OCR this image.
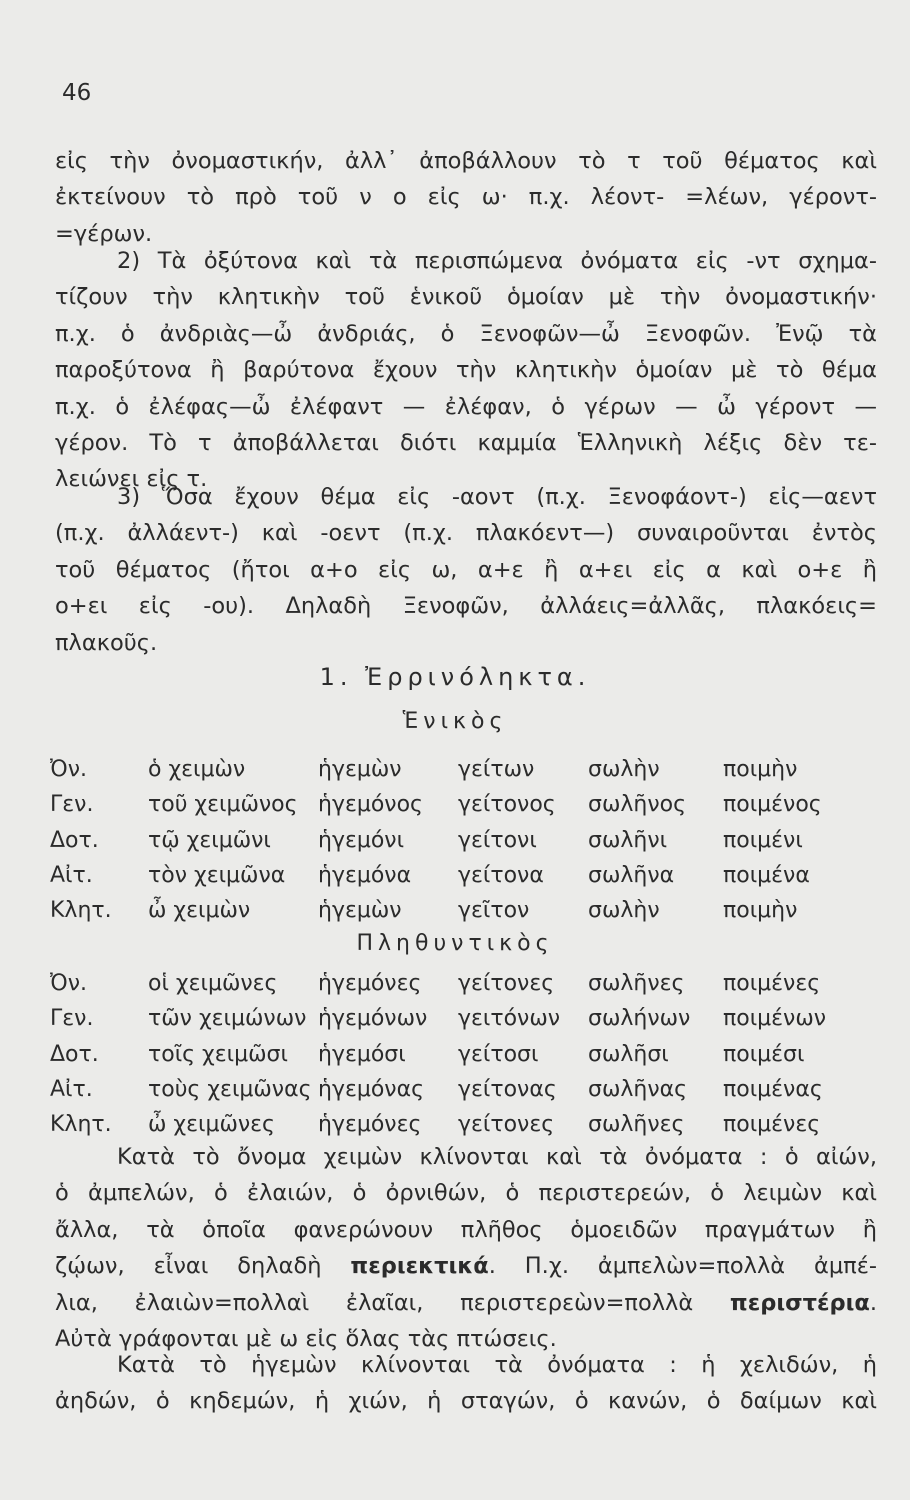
46

εἰς τὴν ὀνομαστικήν, ἀλλ᾽ ἀποβάλλουν τὸ τ τοῦ θέματος καὶ
ἐκτείνουν τὸ πρὸ τοῦ ν ο εἰς ω· π.χ. λέοντ- =λέων, γέροντ-
=γέρων.

2) Τὰ ὀξύτονα καὶ τὰ περισπώμενα ὀνόματα εἰς -ντ σχημα-
τίζουν τὴν κλητικὴν τοῦ ἑνικοῦ ὁμοίαν μὲ τὴν ὀνομαστικήν·
π.χ. ὁ ἀνδριὰς—ὦ ἀνδριάς, ὁ Ξενοφῶν—ὦ Ξενοφῶν. Ἐνῷ τὰ
παροξύτονα ἢ βαρύτονα ἔχουν τὴν κλητικὴν ὁμοίαν μὲ τὸ θέμα
π.χ. ὁ ἐλέφας—ὦ ἐλέφαντ — ἐλέφαν, ὁ γέρων — ὦ γέροντ —
γέρον. Τὸ τ ἀποβάλλεται διότι καμμία Ἑλληνικὴ λέξις δὲν τε-
λειώνει εἰς τ.

3) Ὅσα ἔχουν θέμα εἰς -αοντ (π.χ. Ξενοφάοντ-) εἰς—αεντ
(π.χ. ἀλλάεντ-) καὶ -οεντ (π.χ. πλακόεντ—) συναιροῦνται ἐντὸς
τοῦ θέματος (ἤτοι α+ο εἰς ω, α+ε ἢ α+ει εἰς α καὶ ο+ε ἢ
ο+ει εἰς -ου). Δηλαδὴ Ξενοφῶν, ἀλλάεις=ἀλλᾶς, πλακόεις=
πλακοῦς.

1. Ἐρρινόληκτα.
Ἑνικὸς
Ὀν.	ὁ χειμὼν	ἡγεμὼν	γείτων	σωλὴν	ποιμὴν
Γεν.	τοῦ χειμῶνος	ἡγεμόνος	γείτονος	σωλῆνος	ποιμένος
Δοτ.	τῷ χειμῶνι	ἡγεμόνι	γείτονι	σωλῆνι	ποιμένι
Αἰτ.	τὸν χειμῶνα	ἡγεμόνα	γείτονα	σωλῆνα	ποιμένα
Κλητ.	ὦ χειμὼν	ἡγεμὼν	γεῖτον	σωλὴν	ποιμὴν
Πληθυντικὸς
Ὀν.	οἱ χειμῶνες	ἡγεμόνες	γείτονες	σωλῆνες	ποιμένες
Γεν.	τῶν χειμώνων	ἡγεμόνων	γειτόνων	σωλήνων	ποιμένων
Δοτ.	τοῖς χειμῶσι	ἡγεμόσι	γείτοσι	σωλῆσι	ποιμέσι
Αἰτ.	τοὺς χειμῶνας	ἡγεμόνας	γείτονας	σωλῆνας	ποιμένας
Κλητ.	ὦ χειμῶνες	ἡγεμόνες	γείτονες	σωλῆνες	ποιμένες

Κατὰ τὸ ὄνομα χειμὼν κλίνονται καὶ τὰ ὀνόματα : ὁ αἰών,
ὁ ἀμπελών, ὁ ἐλαιών, ὁ ὀρνιθών, ὁ περιστερεών, ὁ λειμὼν καὶ
ἄλλα, τὰ ὁποῖα φανερώνουν πλῆθος ὁμοειδῶν πραγμάτων ἢ
ζῴων, εἶναι δηλαδὴ περιεκτικά. Π.χ. ἀμπελὼν=πολλὰ ἀμπέ-
λια, ἐλαιὼν=πολλαὶ ἐλαῖαι, περιστερεὼν=πολλὰ περιστέρια.
Αὐτὰ γράφονται μὲ ω εἰς ὅλας τὰς πτώσεις.

Κατὰ τὸ ἡγεμὼν κλίνονται τὰ ὀνόματα : ἡ χελιδών, ἡ
ἀηδών, ὁ κηδεμών, ἡ χιών, ἡ σταγών, ὁ κανών, ὁ δαίμων καὶ
